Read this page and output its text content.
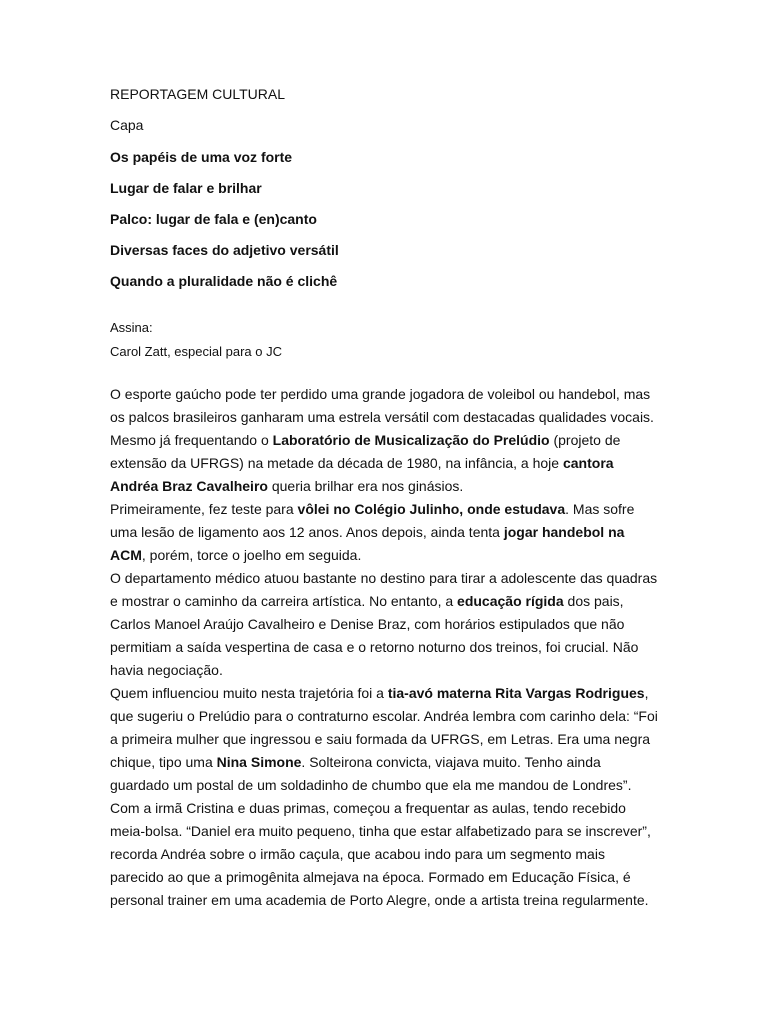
REPORTAGEM CULTURAL
Capa
Os papéis de uma voz forte
Lugar de falar e brilhar
Palco: lugar de fala e (en)canto
Diversas faces do adjetivo versátil
Quando a pluralidade não é clichê
Assina:
Carol Zatt, especial para o JC

O esporte gaúcho pode ter perdido uma grande jogadora de voleibol ou handebol, mas os palcos brasileiros ganharam uma estrela versátil com destacadas qualidades vocais. Mesmo já frequentando o Laboratório de Musicalização do Prelúdio (projeto de extensão da UFRGS) na metade da década de 1980, na infância, a hoje cantora Andréa Braz Cavalheiro queria brilhar era nos ginásios.

Primeiramente, fez teste para vôlei no Colégio Julinho, onde estudava. Mas sofre uma lesão de ligamento aos 12 anos. Anos depois, ainda tenta jogar handebol na ACM, porém, torce o joelho em seguida.

O departamento médico atuou bastante no destino para tirar a adolescente das quadras e mostrar o caminho da carreira artística. No entanto, a educação rígida dos pais, Carlos Manoel Araújo Cavalheiro e Denise Braz, com horários estipulados que não permitiam a saída vespertina de casa e o retorno noturno dos treinos, foi crucial. Não havia negociação.

Quem influenciou muito nesta trajetória foi a tia-avó materna Rita Vargas Rodrigues, que sugeriu o Prelúdio para o contraturno escolar. Andréa lembra com carinho dela: “Foi a primeira mulher que ingressou e saiu formada da UFRGS, em Letras. Era uma negra chique, tipo uma Nina Simone. Solteirona convicta, viajava muito. Tenho ainda guardado um postal de um soldadinho de chumbo que ela me mandou de Londres”.

Com a irmã Cristina e duas primas, começou a frequentar as aulas, tendo recebido meia-bolsa. “Daniel era muito pequeno, tinha que estar alfabetizado para se inscrever”, recorda Andréa sobre o irmão caçula, que acabou indo para um segmento mais parecido ao que a primogênita almejava na época. Formado em Educação Física, é personal trainer em uma academia de Porto Alegre, onde a artista treina regularmente.
